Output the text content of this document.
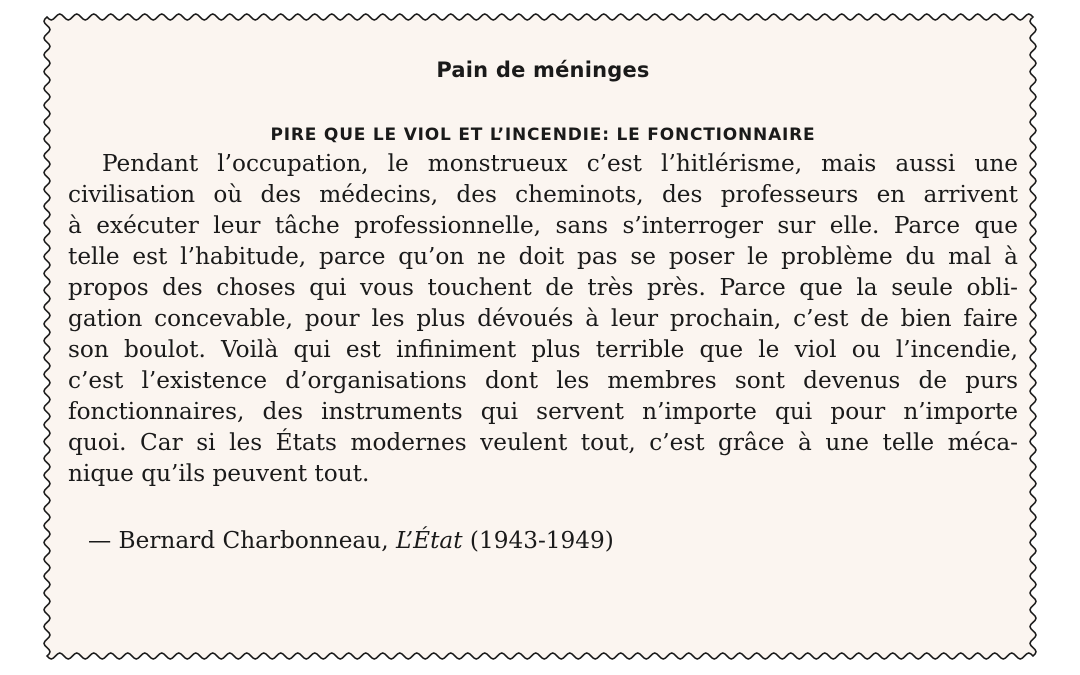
Pain de méninges
PIRE QUE LE VIOL ET L’INCENDIE: LE FONCTIONNAIRE

Pendant l’occupation, le monstrueux c’est l’hitlérisme, mais aussi une
civilisation où des médecins, des cheminots, des professeurs en arrivent
à exécuter leur tâche professionnelle, sans s’interroger sur elle. Parce que
telle est l’habitude, parce qu’on ne doit pas se poser le problème du mal à
propos des choses qui vous touchent de très près. Parce que la seule obli-
gation concevable, pour les plus dévoués à leur prochain, c’est de bien faire
son boulot. Voilà qui est infiniment plus terrible que le viol ou l’incendie,
c’est l’existence d’organisations dont les membres sont devenus de purs
fonctionnaires, des instruments qui servent n’importe qui pour n’importe
quoi. Car si les États modernes veulent tout, c’est grâce à une telle méca-
nique qu’ils peuvent tout.

— Bernard Charbonneau, L’État (1943-1949)
